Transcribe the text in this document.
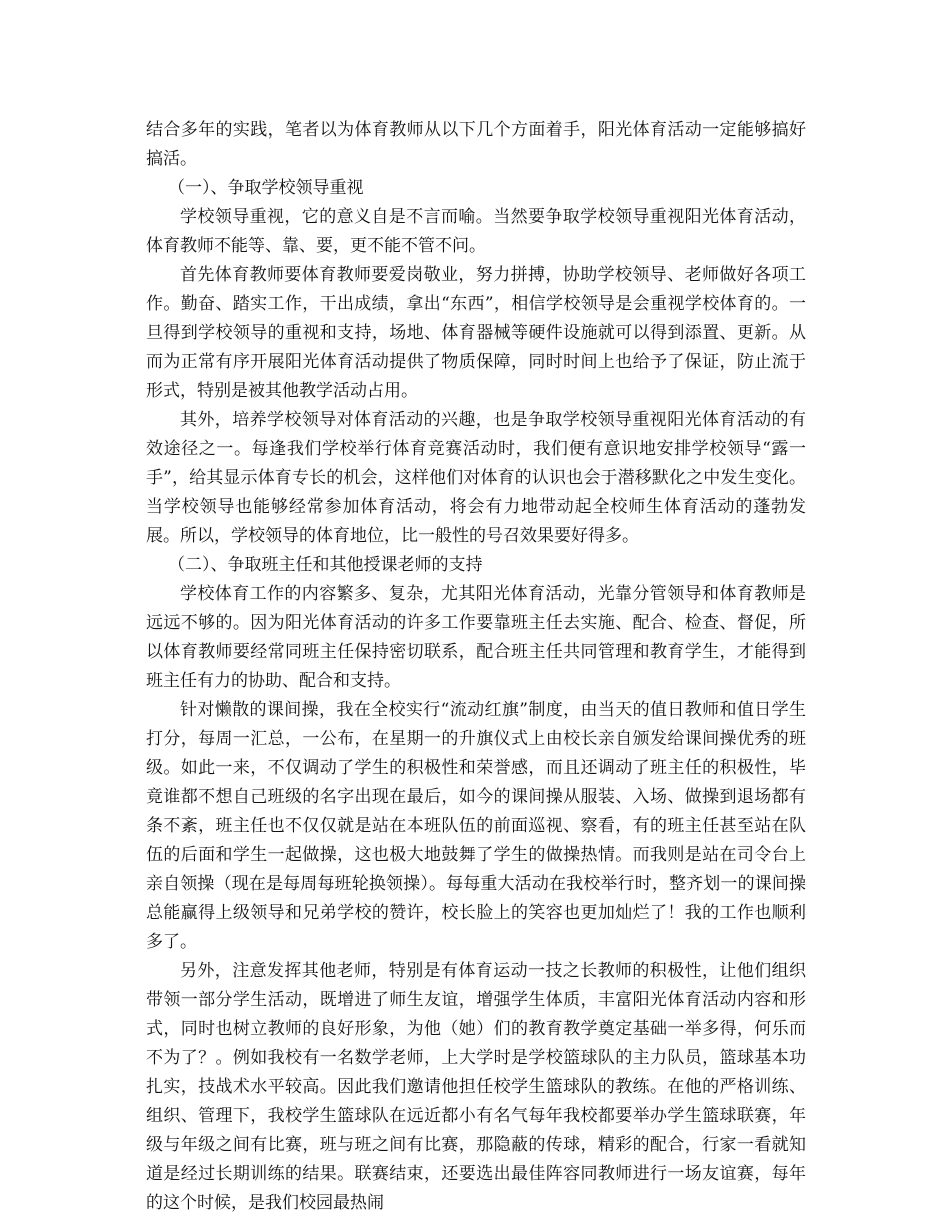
结合多年的实践，笔者以为体育教师从以下几个方面着手，阳光体育活动一定能够搞好搞活。

（一）、争取学校领导重视

学校领导重视，它的意义自是不言而喻。当然要争取学校领导重视阳光体育活动，体育教师不能等、靠、要，更不能不管不问。

首先体育教师要体育教师要爱岗敬业，努力拼搏，协助学校领导、老师做好各项工作。勤奋、踏实工作，干出成绩，拿出“东西”，相信学校领导是会重视学校体育的。一旦得到学校领导的重视和支持，场地、体育器械等硬件设施就可以得到添置、更新。从而为正常有序开展阳光体育活动提供了物质保障，同时时间上也给予了保证，防止流于形式，特别是被其他教学活动占用。

其外，培养学校领导对体育活动的兴趣，也是争取学校领导重视阳光体育活动的有效途径之一。每逢我们学校举行体育竞赛活动时，我们便有意识地安排学校领导“露一手”，给其显示体育专长的机会，这样他们对体育的认识也会于潜移默化之中发生变化。当学校领导也能够经常参加体育活动，将会有力地带动起全校师生体育活动的蓬勃发展。所以，学校领导的体育地位，比一般性的号召效果要好得多。

（二）、争取班主任和其他授课老师的支持

学校体育工作的内容繁多、复杂，尤其阳光体育活动，光靠分管领导和体育教师是远远不够的。因为阳光体育活动的许多工作要靠班主任去实施、配合、检查、督促，所以体育教师要经常同班主任保持密切联系，配合班主任共同管理和教育学生，才能得到班主任有力的协助、配合和支持。

针对懒散的课间操，我在全校实行“流动红旗”制度，由当天的值日教师和值日学生打分，每周一汇总，一公布，在星期一的升旗仪式上由校长亲自颁发给课间操优秀的班级。如此一来，不仅调动了学生的积极性和荣誉感，而且还调动了班主任的积极性，毕竟谁都不想自己班级的名字出现在最后，如今的课间操从服装、入场、做操到退场都有条不紊，班主任也不仅仅就是站在本班队伍的前面巡视、察看，有的班主任甚至站在队伍的后面和学生一起做操，这也极大地鼓舞了学生的做操热情。而我则是站在司令台上亲自领操（现在是每周每班轮换领操）。每每重大活动在我校举行时，整齐划一的课间操总能赢得上级领导和兄弟学校的赞许，校长脸上的笑容也更加灿烂了！我的工作也顺利多了。

另外，注意发挥其他老师，特别是有体育运动一技之长教师的积极性，让他们组织带领一部分学生活动，既增进了师生友谊，增强学生体质，丰富阳光体育活动内容和形式，同时也树立教师的良好形象，为他（她）们的教育教学奠定基础一举多得，何乐而不为了？。例如我校有一名数学老师，上大学时是学校篮球队的主力队员，篮球基本功扎实，技战术水平较高。因此我们邀请他担任校学生篮球队的教练。在他的严格训练、组织、管理下，我校学生篮球队在远近都小有名气每年我校都要举办学生篮球联赛，年级与年级之间有比赛，班与班之间有比赛，那隐蔽的传球，精彩的配合，行家一看就知道是经过长期训练的结果。联赛结束，还要选出最佳阵容同教师进行一场友谊赛，每年的这个时候，是我们校园最热闹
